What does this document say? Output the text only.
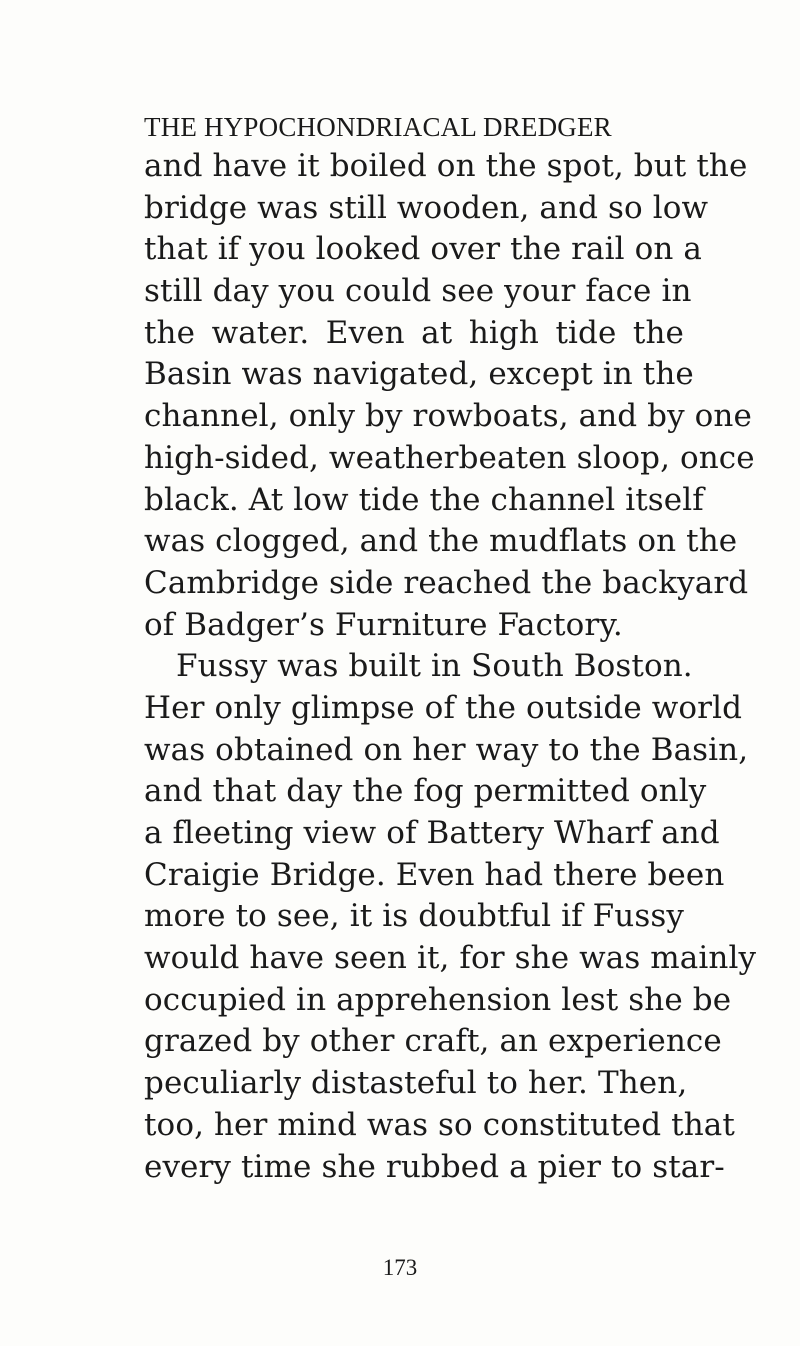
THE HYPOCHONDRIACAL DREDGER
and have it boiled on the spot, but the
bridge was still wooden, and so low
that if you looked over the rail on a
still day you could see your face in
the water. Even at high tide the
Basin was navigated, except in the
channel, only by rowboats, and by one
high-sided, weatherbeaten sloop, once
black. At low tide the channel itself
was clogged, and the mudflats on the
Cambridge side reached the backyard
of Badger’s Furniture Factory.
Fussy was built in South Boston.
Her only glimpse of the outside world
was obtained on her way to the Basin,
and that day the fog permitted only
a fleeting view of Battery Wharf and
Craigie Bridge. Even had there been
more to see, it is doubtful if Fussy
would have seen it, for she was mainly
occupied in apprehension lest she be
grazed by other craft, an experience
peculiarly distasteful to her. Then,
too, her mind was so constituted that
every time she rubbed a pier to star-
173
